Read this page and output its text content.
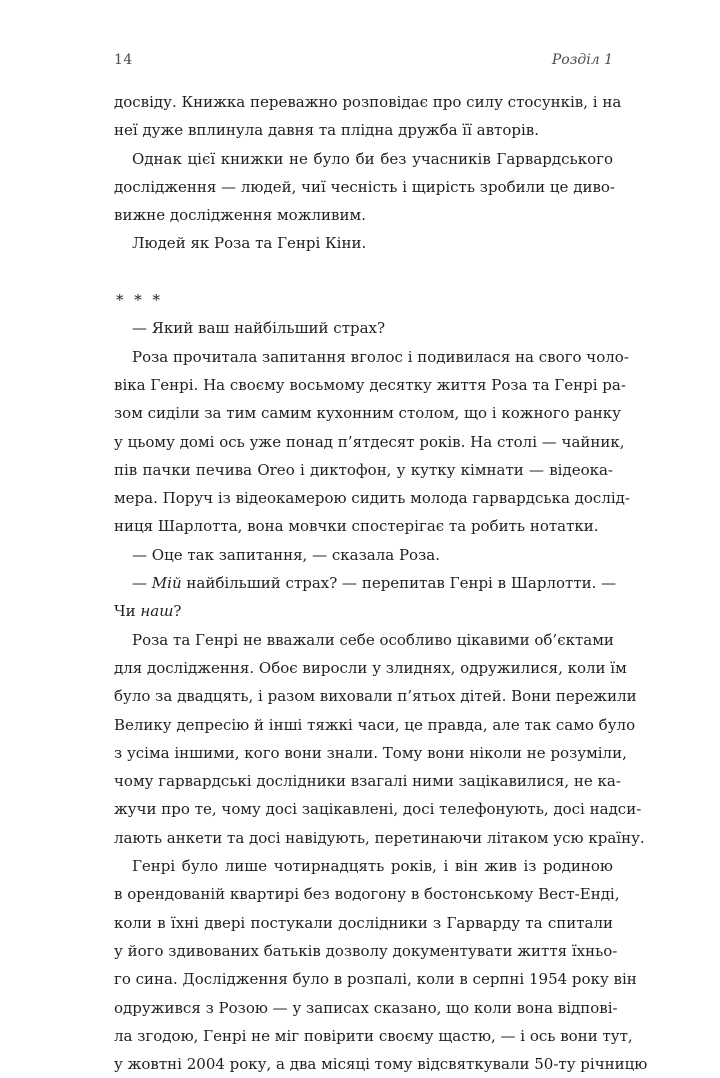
14	Розділ 1
досвіду. Книжка переважно розповідає про силу стосунків, і на
неї дуже вплинула давня та плідна дружба її авторів.
Однак цієї книжки не було би без учасників Гарвардського
дослідження — людей, чиї чесність і щирість зробили це диво-
вижне дослідження можливим.
Людей як Роза та Генрі Кіни.
* * *
— Який ваш найбільший страх?
Роза прочитала запитання вголос і подивилася на свого чоло-
віка Генрі. На своєму восьмому десятку життя Роза та Генрі ра-
зом сиділи за тим самим кухонним столом, що і кожного ранку
у цьому домі ось уже понад п’ятдесят років. На столі — чайник,
пів пачки печива Oreo і диктофон, у кутку кімнати — відеока-
мера. Поруч із відеокамерою сидить молода гарвардська дослід-
ниця Шарлотта, вона мовчки спостерігає та робить нотатки.
— Оце так запитання, — сказала Роза.
— Мій найбільший страх? — перепитав Генрі в Шарлотти. —
Чи наш?
Роза та Генрі не вважали себе особливо цікавими об’єктами
для дослідження. Обоє виросли у злиднях, одружилися, коли їм
було за двадцять, і разом виховали п’ятьох дітей. Вони пережили
Велику депресію й інші тяжкі часи, це правда, але так само було
з усіма іншими, кого вони знали. Тому вони ніколи не розуміли,
чому гарвардські дослідники взагалі ними зацікавилися, не ка-
жучи про те, чому досі зацікавлені, досі телефонують, досі надси-
лають анкети та досі навідують, перетинаючи літаком усю країну.
Генрі було лише чотирнадцять років, і він жив із родиною
в орендованій квартирі без водогону в бостонському Вест-Енді,
коли в їхні двері постукали дослідники з Гарварду та спитали
у його здивованих батьків дозволу документувати життя їхньо-
го сина. Дослідження було в розпалі, коли в серпні 1954 року він
одружився з Розою — у записах сказано, що коли вона відпові-
ла згодою, Генрі не міг повірити своєму щастю, — і ось вони тут,
у жовтні 2004 року, а два місяці тому відсвяткували 50-ту річницю
